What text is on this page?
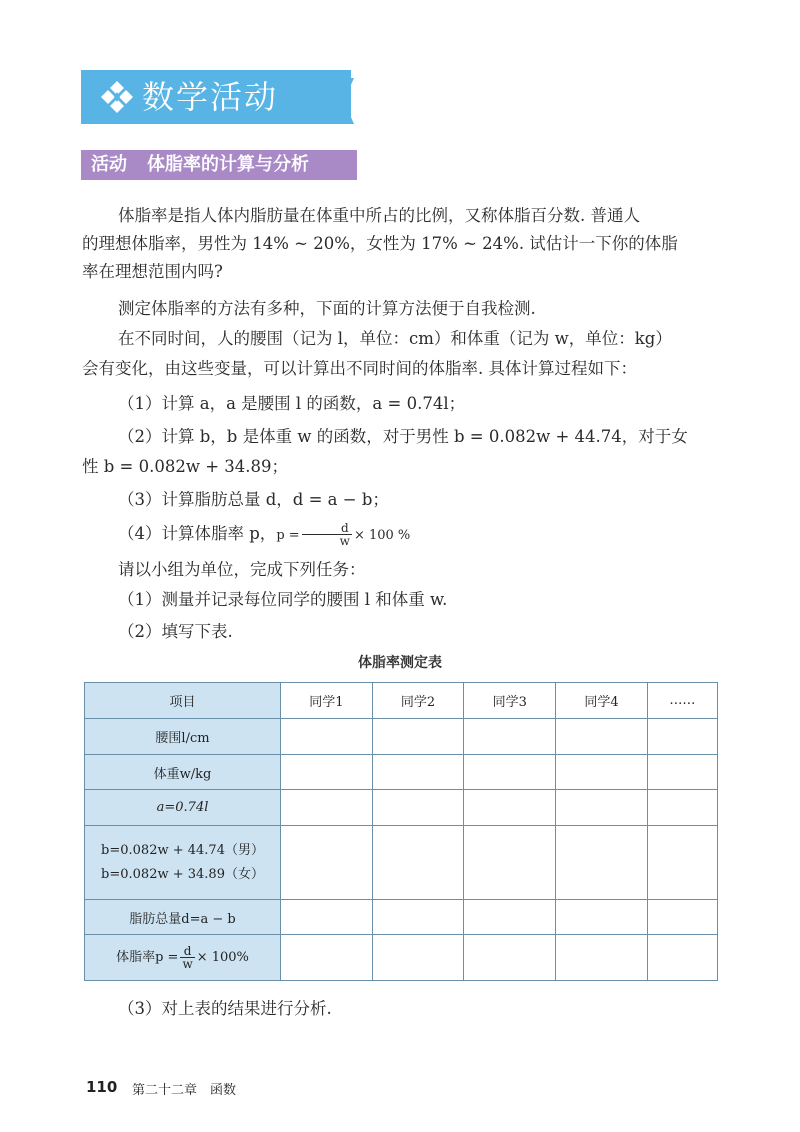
数学活动
活动 体脂率的计算与分析
体脂率是指人体内脂肪量在体重中所占的比例，又称体脂百分数. 普通人
的理想体脂率，男性为 14% ~ 20%，女性为 17% ~ 24%. 试估计一下你的体脂
率在理想范围内吗?
测定体脂率的方法有多种，下面的计算方法便于自我检测.
在不同时间，人的腰围（记为 l，单位：cm）和体重（记为 w，单位：kg）
会有变化，由这些变量，可以计算出不同时间的体脂率. 具体计算过程如下：
（1）计算 a，a 是腰围 l 的函数，a = 0.74l；
（2）计算 b，b 是体重 w 的函数，对于男性 b = 0.082w + 44.74，对于女
性 b = 0.082w + 34.89；
（3）计算脂肪总量 d，d = a − b；
（4）计算体脂率 p，$p = \frac{d}{w} \times 100$ %
请以小组为单位，完成下列任务：
（1）测量并记录每位同学的腰围 l 和体重 w.
（2）填写下表.
体脂率测定表
项目	同学1	同学2	同学3	同学4	……
腰围l/cm					
体重w/kg					
a=0.74l					

b=0.082w + 44.74（男）
b=0.082w + 34.89（女）					

脂肪总量d=a − b					
体脂率$p = \frac{d}{w} \times 100\%$					
（3）对上表的结果进行分析.
110 第二十二章　函数
